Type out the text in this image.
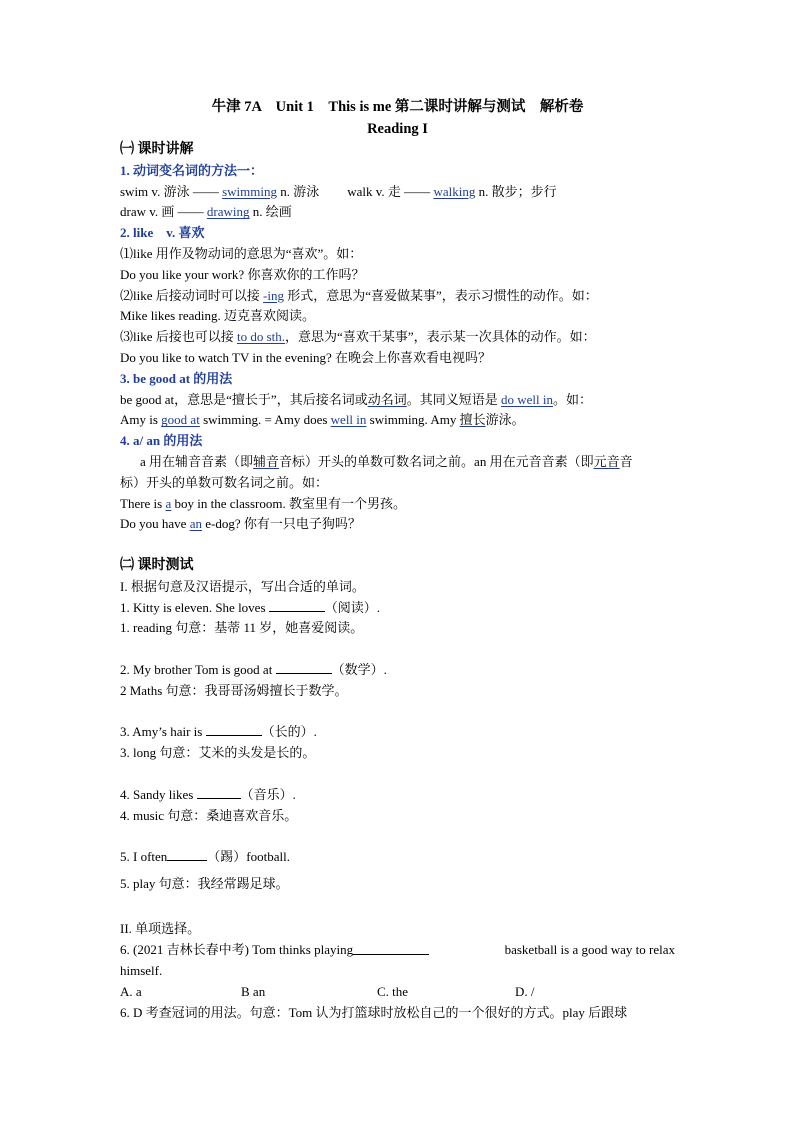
牛津 7A　Unit 1　This is me 第二课时讲解与测试　解析卷
Reading I
㈠ 课时讲解
1. 动词变名词的方法一：
swim v. 游泳 —— swimming n. 游泳 walk v. 走 —— walking n. 散步；步行
draw v. 画 —— drawing n. 绘画
2. like　v. 喜欢
⑴like 用作及物动词的意思为“喜欢”。如：
Do you like your work? 你喜欢你的工作吗？
⑵like 后接动词时可以接 -ing 形式，意思为“喜爱做某事”，表示习惯性的动作。如：
Mike likes reading. 迈克喜欢阅读。
⑶like 后接也可以接 to do sth.，意思为“喜欢干某事”，表示某一次具体的动作。如：
Do you like to watch TV in the evening? 在晚会上你喜欢看电视吗？
3. be good at 的用法
be good at，意思是“擅长于”，其后接名词或动名词。其同义短语是 do well in。如：
Amy is good at swimming. = Amy does well in swimming. Amy 擅长游泳。
4. a/ an 的用法
a 用在辅音音素（即辅音音标）开头的单数可数名词之前。an 用在元音音素（即元音音
标）开头的单数可数名词之前。如：
There is a boy in the classroom. 教室里有一个男孩。
Do you have an e-dog? 你有一只电子狗吗？
㈡ 课时测试
I. 根据句意及汉语提示，写出合适的单词。
1. Kitty is eleven. She loves	（阅读）.
1. reading 句意：基蒂 11 岁，她喜爱阅读。
2. My brother Tom is good at	（数学）.
2 Maths 句意：我哥哥汤姆擅长于数学。
3. Amy’s hair is	（长的）.
3. long 句意：艾米的头发是长的。
4. Sandy likes	（音乐）.
4. music 句意：桑迪喜欢音乐。
5. I often	（踢）football.
5. play 句意：我经常踢足球。
II. 单项选择。
6. (2021 吉林长春中考) Tom thinks playing	basketball is a good way to relax
himself.
A. a	B an	C. the	D. /
6. D 考查冠词的用法。句意：Tom 认为打篮球时放松自己的一个很好的方式。play 后跟球
